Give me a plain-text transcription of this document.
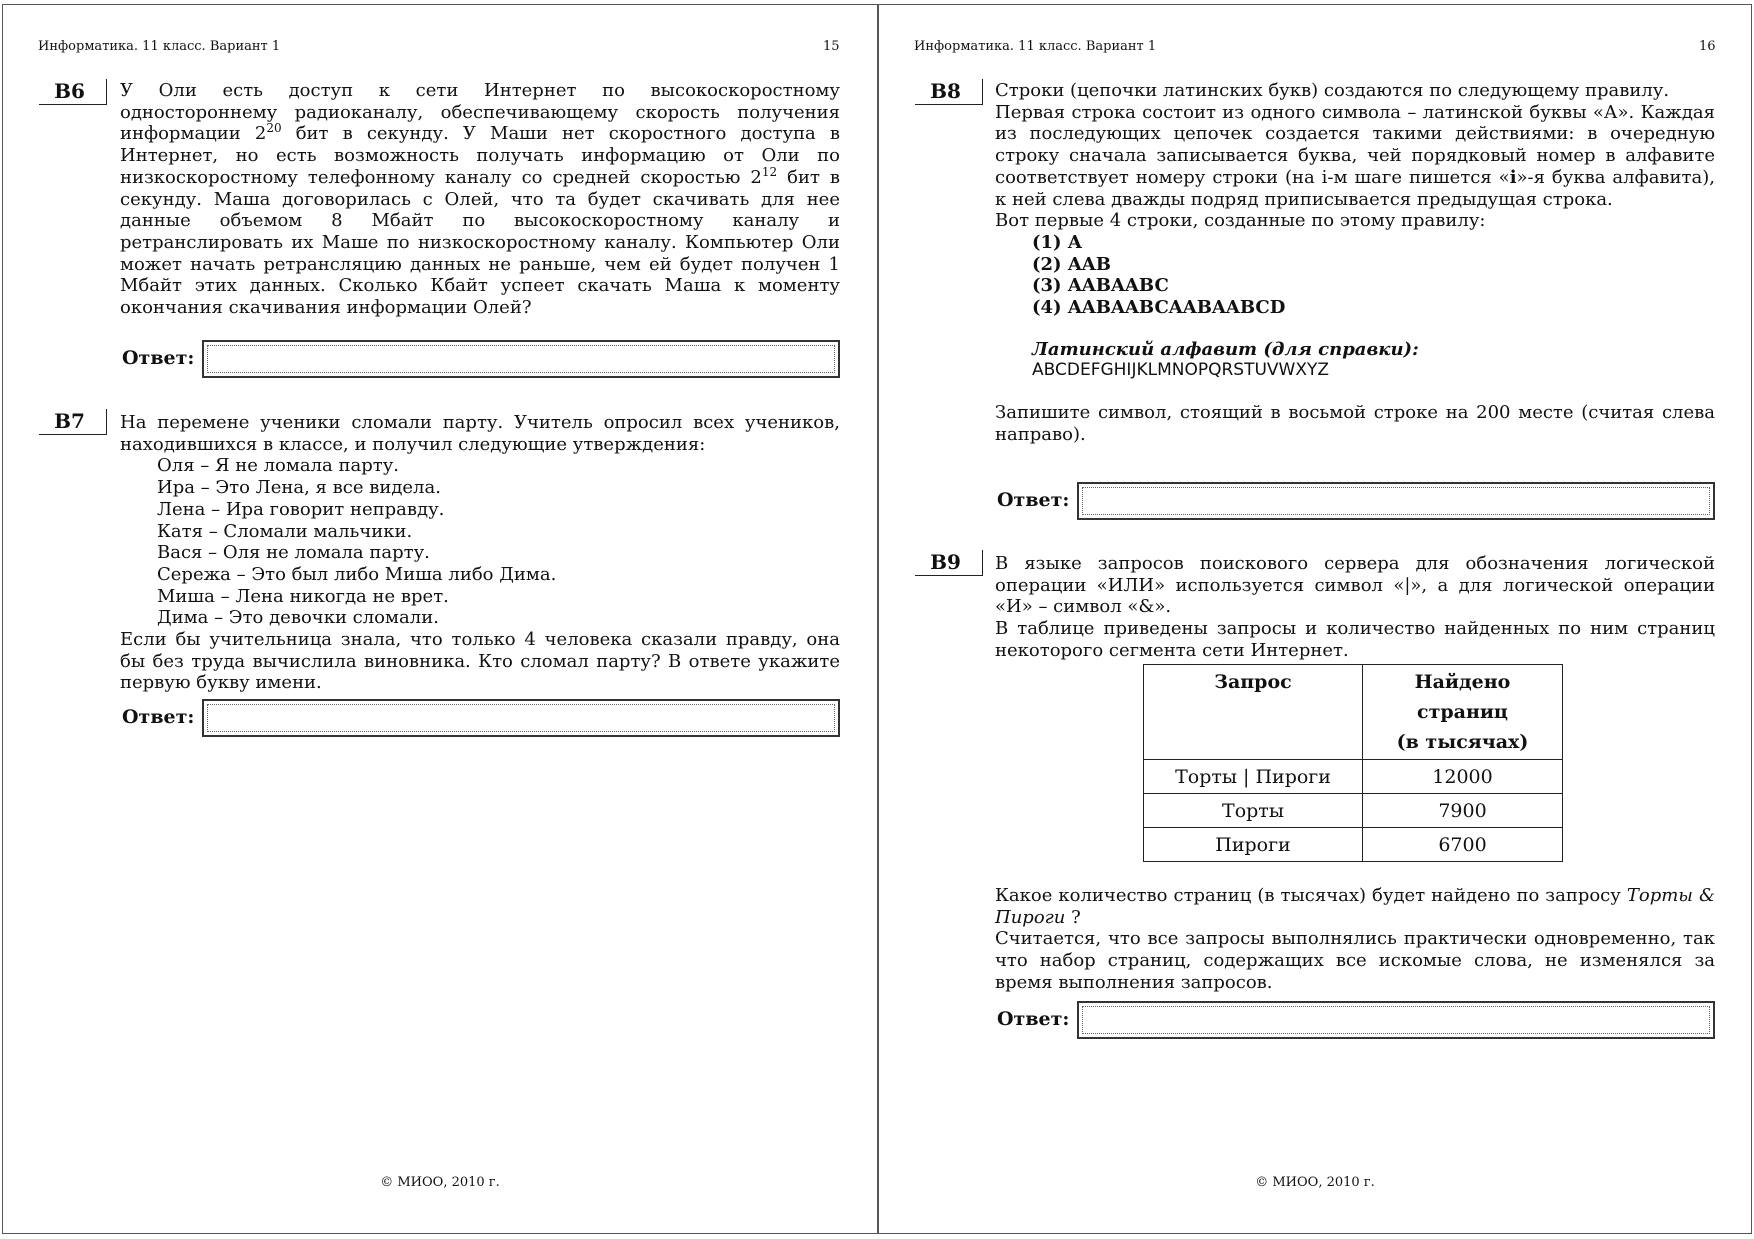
Информатика. 11 класс. Вариант 1	15
B6	У Оли есть доступ к сети Интернет по высокоскоростному одностороннему радиоканалу, обеспечивающему скорость получения информации $2^{20}$ бит в секунду. У Маши нет скоростного доступа в Интернет, но есть возможность получать информацию от Оли по низкоскоростному телефонному каналу со средней скоростью $2^{12}$ бит в секунду. Маша договорилась с Олей, что та будет скачивать для нее данные объемом 8 Мбайт по высокоскоростному каналу и ретранслировать их Маше по низкоскоростному каналу. Компьютер Оли может начать ретрансляцию данных не раньше, чем ей будет получен 1 Мбайт этих данных. Сколько Кбайт успеет скачать Маша к моменту окончания скачивания информации Олей?

Ответ:
B7	На перемене ученики сломали парту. Учитель опросил всех учеников, находившихся в классе, и получил следующие утверждения:

Оля – Я не ломала парту.
Ира – Это Лена, я все видела.
Лена – Ира говорит неправду.
Катя – Сломали мальчики.
Вася – Оля не ломала парту.
Сережа – Это был либо Миша либо Дима.
Миша – Лена никогда не врет.
Дима – Это девочки сломали.

Если бы учительница знала, что только 4 человека сказали правду, она бы без труда вычислила виновника. Кто сломал парту? В ответе укажите первую букву имени.

Ответ:
© МИОО, 2010 г.
Информатика. 11 класс. Вариант 1	16
B8	Строки (цепочки латинских букв) создаются по следующему правилу.

Первая строка состоит из одного символа – латинской буквы «А». Каждая из последующих цепочек создается такими действиями: в очередную строку сначала записывается буква, чей порядковый номер в алфавите соответствует номеру строки (на i-м шаге пишется «i»-я буква алфавита), к ней слева дважды подряд приписывается предыдущая строка.

Вот первые 4 строки, созданные по этому правилу:

(1) A
(2) AAB
(3) AABAABC
(4) AABAABCAABAABCD
Латинский алфавит (для справки):
ABCDEFGHIJKLMNOPQRSTUVWXYZ

Запишите символ, стоящий в восьмой строке на 200 месте (считая слева направо).

Ответ:
B9	В языке запросов поискового сервера для обозначения логической операции «ИЛИ» используется символ «|», а для логической операции «И» – символ «&».

В таблице приведены запросы и количество найденных по ним страниц некоторого сегмента сети Интернет.

Запрос	Найдено
страниц
(в тысячах)

Торты | Пироги	12000
Торты	7900
Пироги	6700

Какое количество страниц (в тысячах) будет найдено по запросу Торты & Пироги ?

Считается, что все запросы выполнялись практически одновременно, так что набор страниц, содержащих все искомые слова, не изменялся за время выполнения запросов.

Ответ:
© МИОО, 2010 г.
